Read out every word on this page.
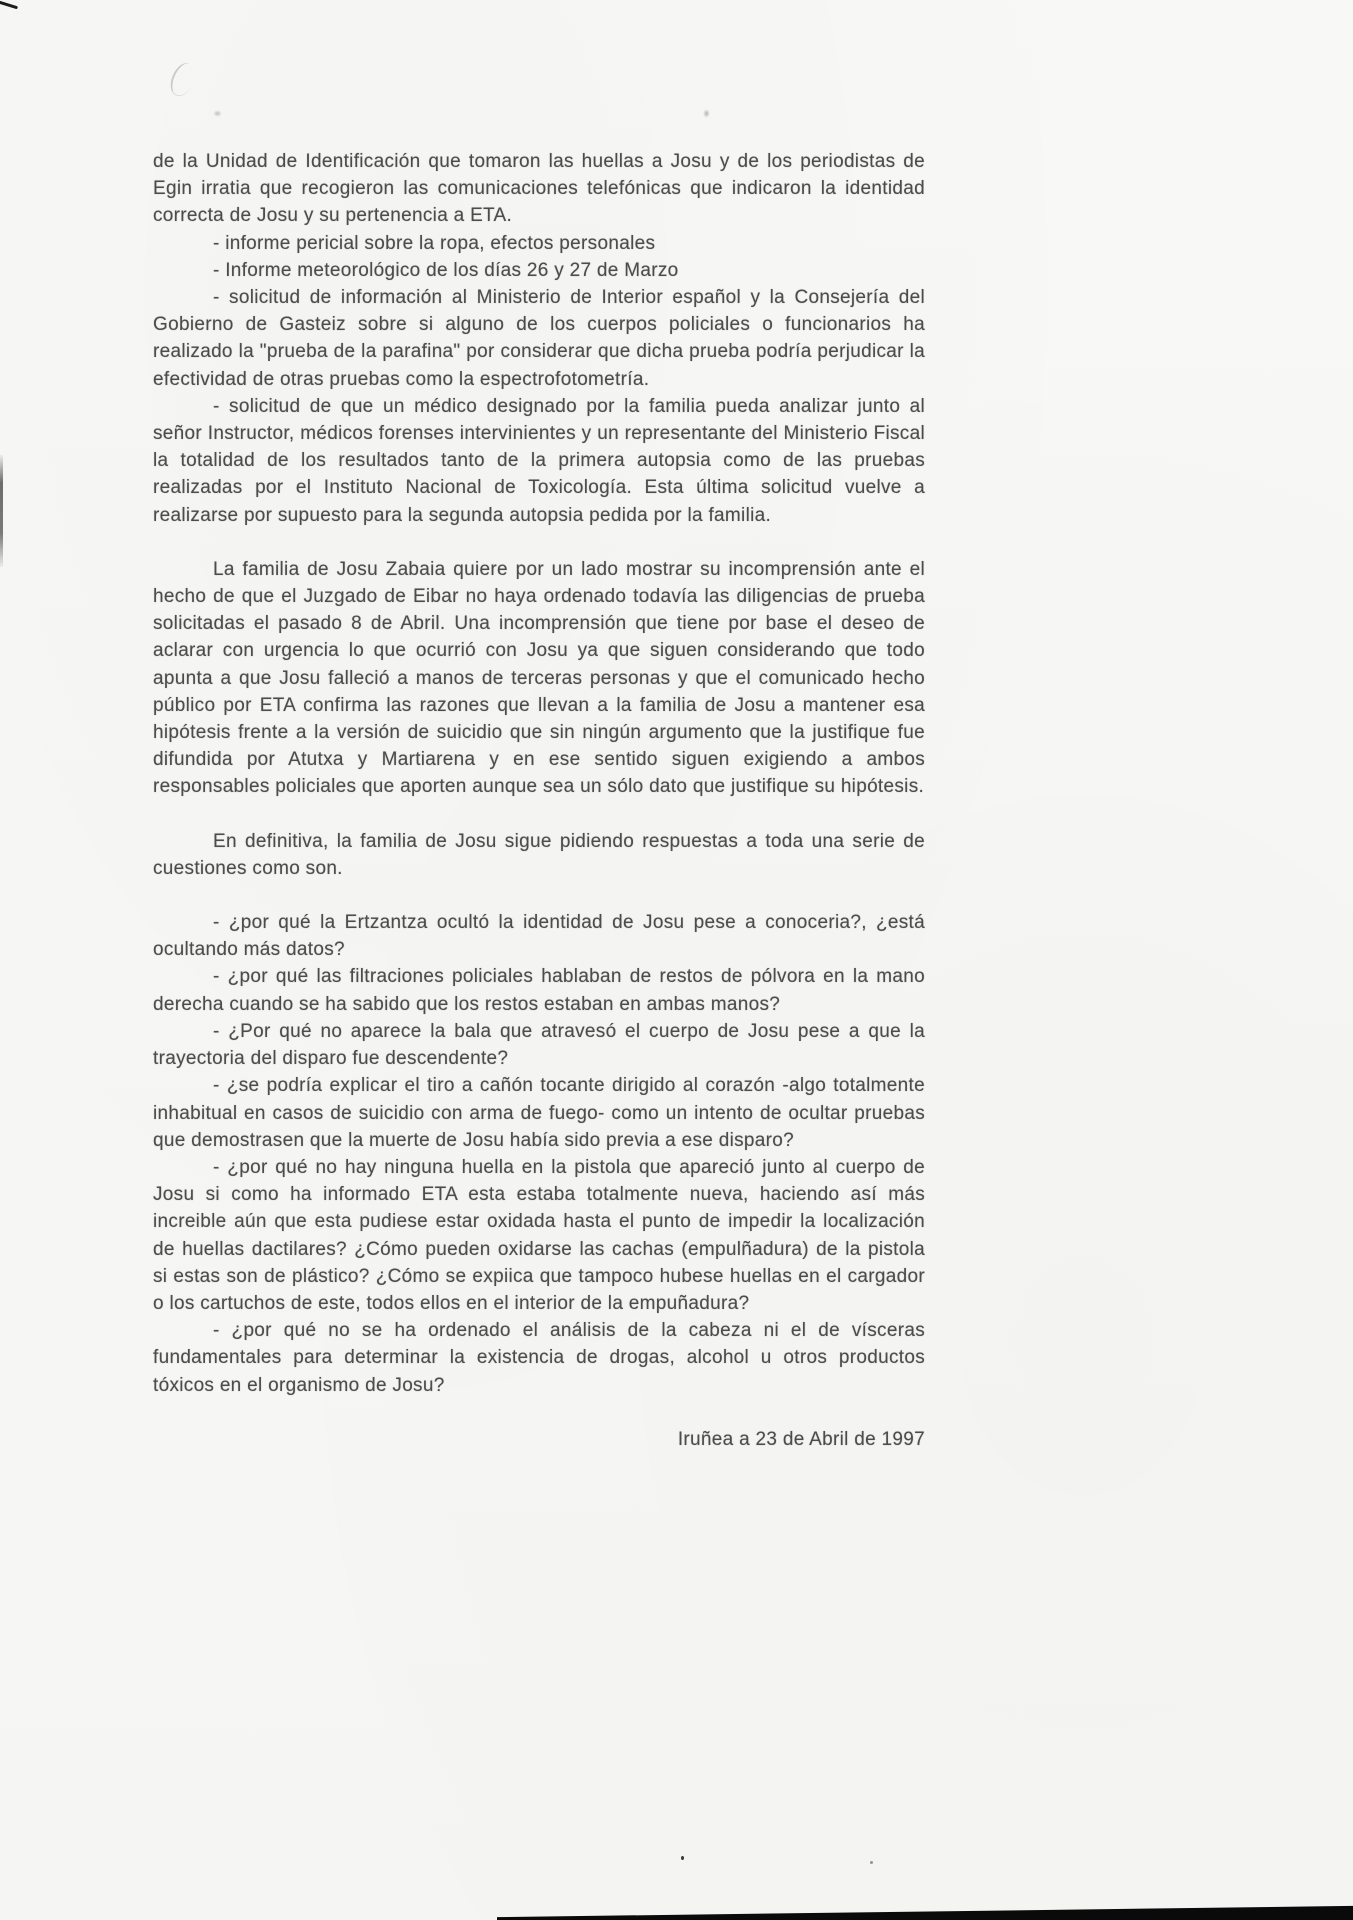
de la Unidad de Identificación que tomaron las huellas a Josu y de los periodistas de Egin irratia que recogieron las comunicaciones telefónicas que indicaron la identidad correcta de Josu y su pertenencia a ETA.

- informe pericial sobre la ropa, efectos personales

- Informe meteorológico de los días 26 y 27 de Marzo

- solicitud de información al Ministerio de Interior español y la Consejería del Gobierno de Gasteiz sobre si alguno de los cuerpos policiales o funcionarios ha realizado la "prueba de la parafina" por considerar que dicha prueba podría perjudicar la efectividad de otras pruebas como la espectrofotometría.

- solicitud de que un médico designado por la familia pueda analizar junto al señor Instructor, médicos forenses intervinientes y un representante del Ministerio Fiscal la totalidad de los resultados tanto de la primera autopsia como de las pruebas realizadas por el Instituto Nacional de Toxicología. Esta última solicitud vuelve a realizarse por supuesto para la segunda autopsia pedida por la familia.

La familia de Josu Zabaia quiere por un lado mostrar su incomprensión ante el hecho de que el Juzgado de Eibar no haya ordenado todavía las diligencias de prueba solicitadas el pasado 8 de Abril. Una incomprensión que tiene por base el deseo de aclarar con urgencia lo que ocurrió con Josu ya que siguen considerando que todo apunta a que Josu falleció a manos de terceras personas y que el comunicado hecho público por ETA confirma las razones que llevan a la familia de Josu a mantener esa hipótesis frente a la versión de suicidio que sin ningún argumento que la justifique fue difundida por Atutxa y Martiarena y en ese sentido siguen exigiendo a ambos responsables policiales que aporten aunque sea un sólo dato que justifique su hipótesis.

En definitiva, la familia de Josu sigue pidiendo respuestas a toda una serie de cuestiones como son.

- ¿por qué la Ertzantza ocultó la identidad de Josu pese a conoceria?, ¿está ocultando más datos?

- ¿por qué las filtraciones policiales hablaban de restos de pólvora en la mano derecha cuando se ha sabido que los restos estaban en ambas manos?

- ¿Por qué no aparece la bala que atravesó el cuerpo de Josu pese a que la trayectoria del disparo fue descendente?

- ¿se podría explicar el tiro a cañón tocante dirigido al corazón -algo totalmente inhabitual en casos de suicidio con arma de fuego- como un intento de ocultar pruebas que demostrasen que la muerte de Josu había sido previa a ese disparo?

- ¿por qué no hay ninguna huella en la pistola que apareció junto al cuerpo de Josu si como ha informado ETA esta estaba totalmente nueva, haciendo así más increible aún que esta pudiese estar oxidada hasta el punto de impedir la localización de huellas dactilares? ¿Cómo pueden oxidarse las cachas (empulñadura) de la pistola si estas son de plástico? ¿Cómo se expiica que tampoco hubese huellas en el cargador o los cartuchos de este, todos ellos en el interior de la empuñadura?

- ¿por qué no se ha ordenado el análisis de la cabeza ni el de vísceras fundamentales para determinar la existencia de drogas, alcohol u otros productos tóxicos en el organismo de Josu?

Iruñea a 23 de Abril de 1997
